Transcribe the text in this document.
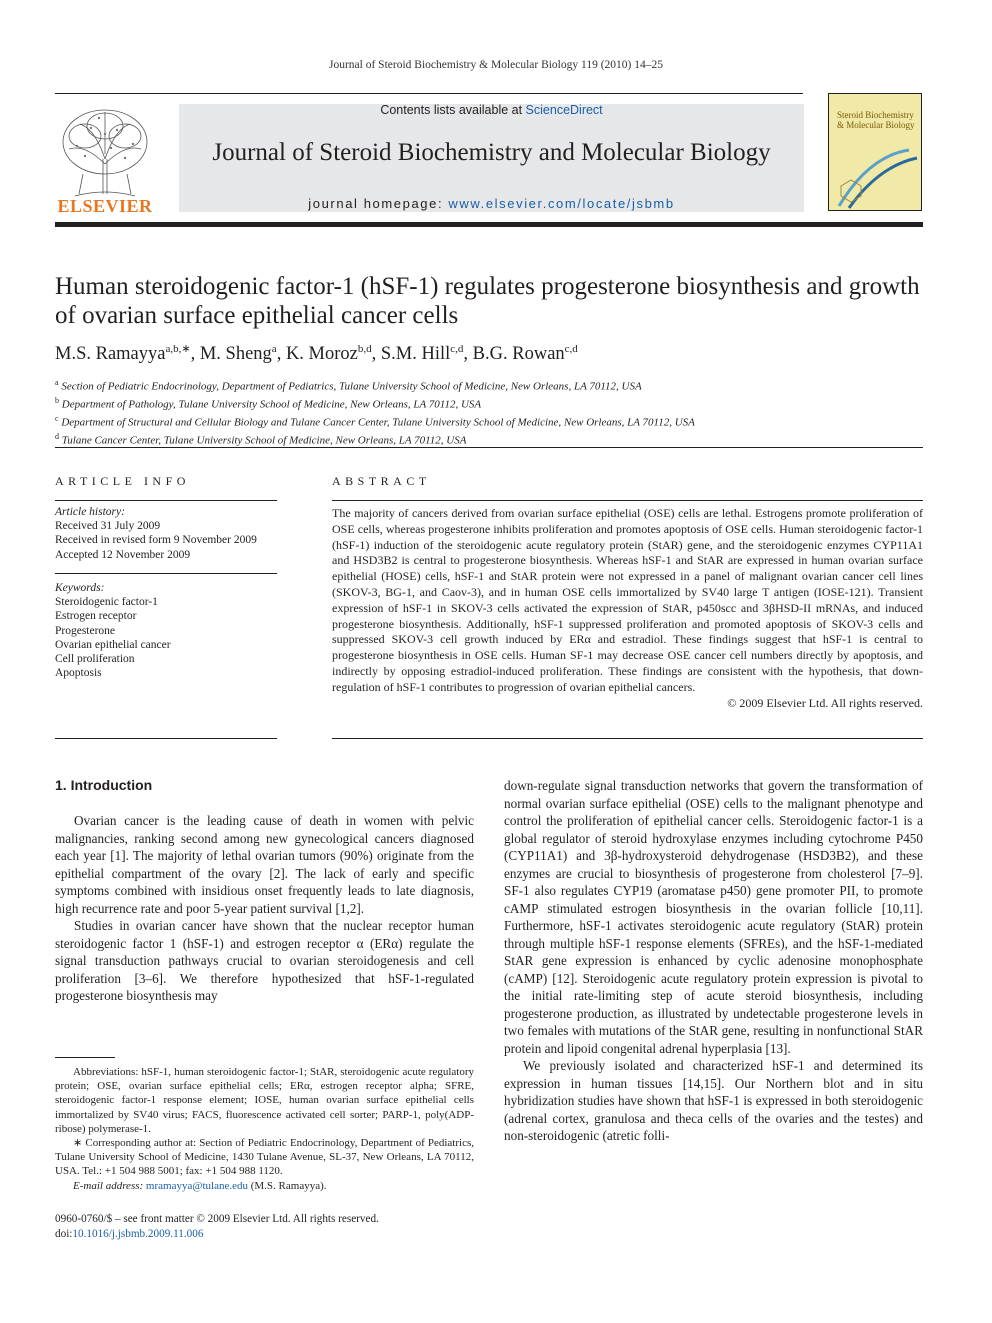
Journal of Steroid Biochemistry & Molecular Biology 119 (2010) 14–25
ELSEVIER
Contents lists available at ScienceDirect
Journal of Steroid Biochemistry and Molecular Biology
journal homepage: www.elsevier.com/locate/jsbmb
Steroid Biochemistry & Molecular Biology
Human steroidogenic factor-1 (hSF-1) regulates progesterone biosynthesis and growth of ovarian surface epithelial cancer cells
M.S. Ramayya$^{a,b,∗}$, M. Sheng$^a$, K. Moroz$^{b,d}$, S.M. Hill$^{c,d}$, B.G. Rowan$^{c,d}$
$^a$ Section of Pediatric Endocrinology, Department of Pediatrics, Tulane University School of Medicine, New Orleans, LA 70112, USA
$^b$ Department of Pathology, Tulane University School of Medicine, New Orleans, LA 70112, USA
$^c$ Department of Structural and Cellular Biology and Tulane Cancer Center, Tulane University School of Medicine, New Orleans, LA 70112, USA
$^d$ Tulane Cancer Center, Tulane University School of Medicine, New Orleans, LA 70112, USA
ARTICLE INFO
Article history:
Received 31 July 2009
Received in revised form 9 November 2009
Accepted 12 November 2009
Keywords:
Steroidogenic factor-1
Estrogen receptor
Progesterone
Ovarian epithelial cancer
Cell proliferation
Apoptosis
ABSTRACT
The majority of cancers derived from ovarian surface epithelial (OSE) cells are lethal. Estrogens promote proliferation of OSE cells, whereas progesterone inhibits proliferation and promotes apoptosis of OSE cells. Human steroidogenic factor-1 (hSF-1) induction of the steroidogenic acute regulatory protein (StAR) gene, and the steroidogenic enzymes CYP11A1 and HSD3B2 is central to progesterone biosynthesis. Whereas hSF-1 and StAR are expressed in human ovarian surface epithelial (HOSE) cells, hSF-1 and StAR protein were not expressed in a panel of malignant ovarian cancer cell lines (SKOV-3, BG-1, and Caov-3), and in human OSE cells immortalized by SV40 large T antigen (IOSE-121). Transient expression of hSF-1 in SKOV-3 cells activated the expression of StAR, p450scc and 3βHSD-II mRNAs, and induced progesterone biosynthesis. Additionally, hSF-1 suppressed proliferation and promoted apoptosis of SKOV-3 cells and suppressed SKOV-3 cell growth induced by ERα and estradiol. These findings suggest that hSF-1 is central to progesterone biosynthesis in OSE cells. Human SF-1 may decrease OSE cancer cell numbers directly by apoptosis, and indirectly by opposing estradiol-induced proliferation. These findings are consistent with the hypothesis, that down-regulation of hSF-1 contributes to progression of ovarian epithelial cancers.
© 2009 Elsevier Ltd. All rights reserved.
1. Introduction

Ovarian cancer is the leading cause of death in women with pelvic malignancies, ranking second among new gynecological cancers diagnosed each year [1]. The majority of lethal ovarian tumors (90%) originate from the epithelial compartment of the ovary [2]. The lack of early and specific symptoms combined with insidious onset frequently leads to late diagnosis, high recurrence rate and poor 5-year patient survival [1,2].

Studies in ovarian cancer have shown that the nuclear receptor human steroidogenic factor 1 (hSF-1) and estrogen receptor α (ERα) regulate the signal transduction pathways crucial to ovarian steroidogenesis and cell proliferation [3–6]. We therefore hypothesized that hSF-1-regulated progesterone biosynthesis may

down-regulate signal transduction networks that govern the transformation of normal ovarian surface epithelial (OSE) cells to the malignant phenotype and control the proliferation of epithelial cancer cells. Steroidogenic factor-1 is a global regulator of steroid hydroxylase enzymes including cytochrome P450 (CYP11A1) and 3β-hydroxysteroid dehydrogenase (HSD3B2), and these enzymes are crucial to biosynthesis of progesterone from cholesterol [7–9]. SF-1 also regulates CYP19 (aromatase p450) gene promoter PII, to promote cAMP stimulated estrogen biosynthesis in the ovarian follicle [10,11]. Furthermore, hSF-1 activates steroidogenic acute regulatory (StAR) protein through multiple hSF-1 response elements (SFREs), and the hSF-1-mediated StAR gene expression is enhanced by cyclic adenosine monophosphate (cAMP) [12]. Steroidogenic acute regulatory protein expression is pivotal to the initial rate-limiting step of acute steroid biosynthesis, including progesterone production, as illustrated by undetectable progesterone levels in two females with mutations of the StAR gene, resulting in nonfunctional StAR protein and lipoid congenital adrenal hyperplasia [13].

We previously isolated and characterized hSF-1 and determined its expression in human tissues [14,15]. Our Northern blot and in situ hybridization studies have shown that hSF-1 is expressed in both steroidogenic (adrenal cortex, granulosa and theca cells of the ovaries and the testes) and non-steroidogenic (atretic folli-

Abbreviations: hSF-1, human steroidogenic factor-1; StAR, steroidogenic acute regulatory protein; OSE, ovarian surface epithelial cells; ERα, estrogen receptor alpha; SFRE, steroidogenic factor-1 response element; IOSE, human ovarian surface epithelial cells immortalized by SV40 virus; FACS, fluorescence activated cell sorter; PARP-1, poly(ADP-ribose) polymerase-1.

∗ Corresponding author at: Section of Pediatric Endocrinology, Department of Pediatrics, Tulane University School of Medicine, 1430 Tulane Avenue, SL-37, New Orleans, LA 70112, USA. Tel.: +1 504 988 5001; fax: +1 504 988 1120.

E-mail address: mramayya@tulane.edu (M.S. Ramayya).

0960-0760/$ – see front matter © 2009 Elsevier Ltd. All rights reserved.
doi:10.1016/j.jsbmb.2009.11.006
